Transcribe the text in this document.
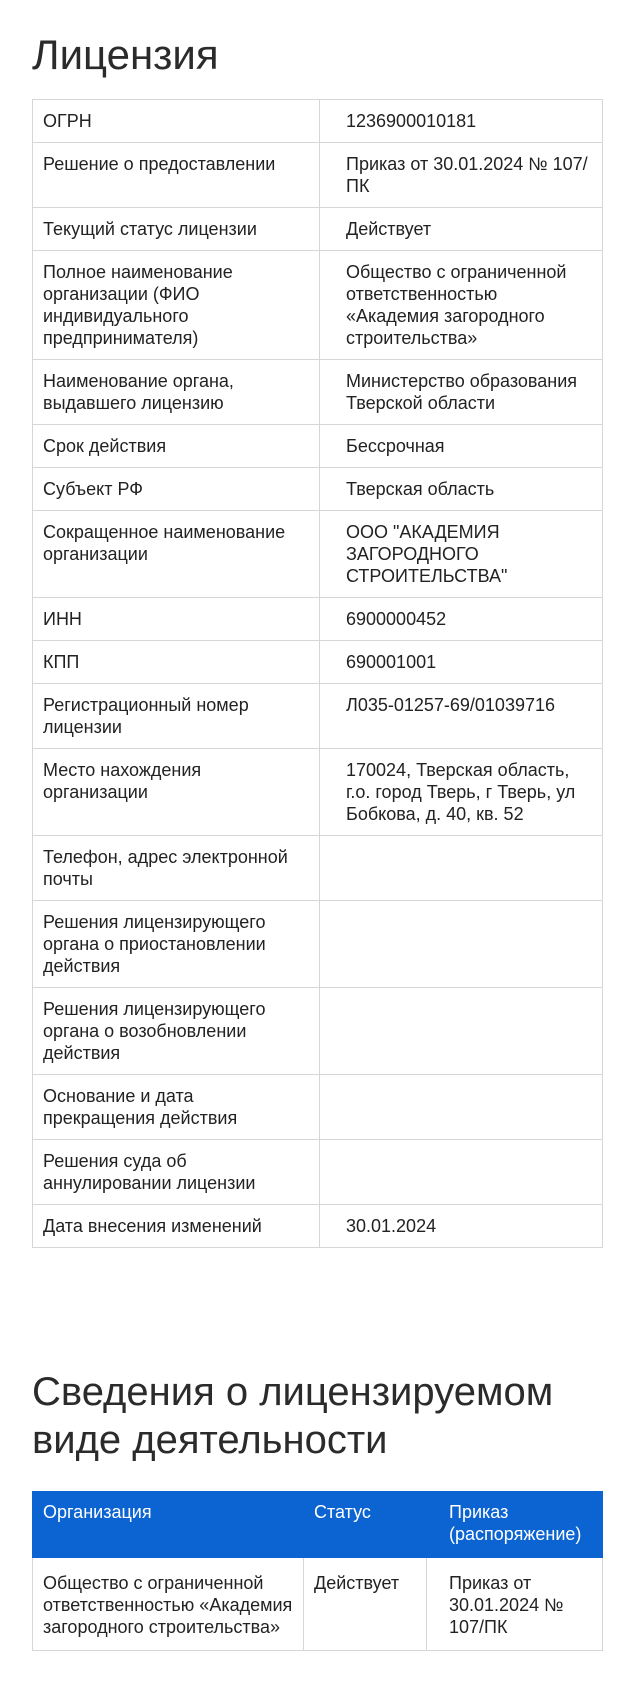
Лицензия
ОГРН	1236900010181
Решение о предоставлении	Приказ от 30.01.2024 № 107/ПК
Текущий статус лицензии	Действует
Полное наименование организации (ФИО индивидуального предпринимателя)	Общество с ограниченной ответственностью «Академия загородного строительства»
Наименование органа, выдавшего лицензию	Министерство образования Тверской области
Срок действия	Бессрочная
Субъект РФ	Тверская область
Сокращенное наименование организации	ООО "АКАДЕМИЯ ЗАГОРОДНОГО СТРОИТЕЛЬСТВА"
ИНН	6900000452
КПП	690001001
Регистрационный номер лицензии	Л035-01257-69/01039716
Место нахождения организации	170024, Тверская область, г.о. город Тверь, г Тверь, ул Бобкова, д. 40, кв. 52
Телефон, адрес электронной почты	
Решения лицензирующего органа о приостановлении действия	
Решения лицензирующего органа о возобновлении действия	
Основание и дата прекращения действия	
Решения суда об аннулировании лицензии	
Дата внесения изменений	30.01.2024
Сведения о лицензируемом виде деятельности
Организация	Статус	Приказ (распоряжение)
Общество с ограниченной ответственностью «Академия загородного строительства»	Действует	Приказ от 30.01.2024 № 107/ПК
